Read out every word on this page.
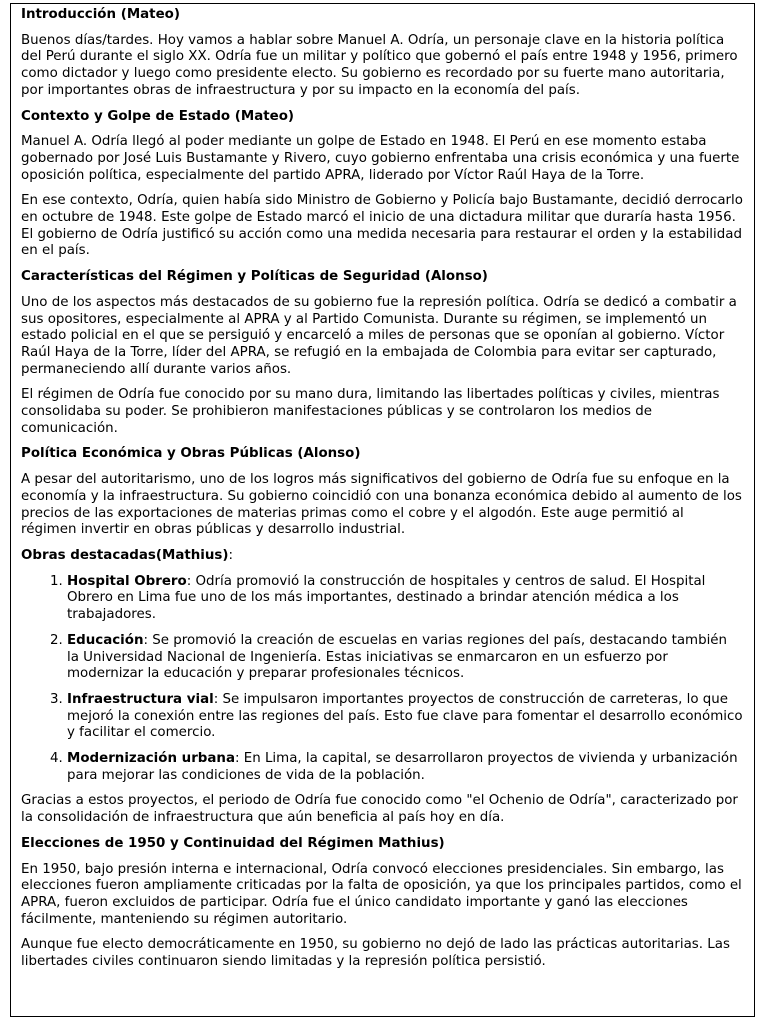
Introducción (Mateo)

Buenos días/tardes. Hoy vamos a hablar sobre Manuel A. Odría, un personaje clave en la historia política del Perú durante el siglo XX. Odría fue un militar y político que gobernó el país entre 1948 y 1956, primero como dictador y luego como presidente electo. Su gobierno es recordado por su fuerte mano autoritaria, por importantes obras de infraestructura y por su impacto en la economía del país.

Contexto y Golpe de Estado (Mateo)

Manuel A. Odría llegó al poder mediante un golpe de Estado en 1948. El Perú en ese momento estaba gobernado por José Luis Bustamante y Rivero, cuyo gobierno enfrentaba una crisis económica y una fuerte oposición política, especialmente del partido APRA, liderado por Víctor Raúl Haya de la Torre.

En ese contexto, Odría, quien había sido Ministro de Gobierno y Policía bajo Bustamante, decidió derrocarlo en octubre de 1948. Este golpe de Estado marcó el inicio de una dictadura militar que duraría hasta 1956. El gobierno de Odría justificó su acción como una medida necesaria para restaurar el orden y la estabilidad en el país.

Características del Régimen y Políticas de Seguridad (Alonso)

Uno de los aspectos más destacados de su gobierno fue la represión política. Odría se dedicó a combatir a sus opositores, especialmente al APRA y al Partido Comunista. Durante su régimen, se implementó un estado policial en el que se persiguió y encarceló a miles de personas que se oponían al gobierno. Víctor Raúl Haya de la Torre, líder del APRA, se refugió en la embajada de Colombia para evitar ser capturado, permaneciendo allí durante varios años.

El régimen de Odría fue conocido por su mano dura, limitando las libertades políticas y civiles, mientras consolidaba su poder. Se prohibieron manifestaciones públicas y se controlaron los medios de comunicación.

Política Económica y Obras Públicas (Alonso)

A pesar del autoritarismo, uno de los logros más significativos del gobierno de Odría fue su enfoque en la economía y la infraestructura. Su gobierno coincidió con una bonanza económica debido al aumento de los precios de las exportaciones de materias primas como el cobre y el algodón. Este auge permitió al régimen invertir en obras públicas y desarrollo industrial.

Obras destacadas(Mathius):

1. Hospital Obrero: Odría promovió la construcción de hospitales y centros de salud. El Hospital Obrero en Lima fue uno de los más importantes, destinado a brindar atención médica a los trabajadores.
2. Educación: Se promovió la creación de escuelas en varias regiones del país, destacando también la Universidad Nacional de Ingeniería. Estas iniciativas se enmarcaron en un esfuerzo por modernizar la educación y preparar profesionales técnicos.
3. Infraestructura vial: Se impulsaron importantes proyectos de construcción de carreteras, lo que mejoró la conexión entre las regiones del país. Esto fue clave para fomentar el desarrollo económico y facilitar el comercio.
4. Modernización urbana: En Lima, la capital, se desarrollaron proyectos de vivienda y urbanización para mejorar las condiciones de vida de la población.

Gracias a estos proyectos, el periodo de Odría fue conocido como "el Ochenio de Odría", caracterizado por la consolidación de infraestructura que aún beneficia al país hoy en día.

Elecciones de 1950 y Continuidad del Régimen Mathius)

En 1950, bajo presión interna e internacional, Odría convocó elecciones presidenciales. Sin embargo, las elecciones fueron ampliamente criticadas por la falta de oposición, ya que los principales partidos, como el APRA, fueron excluidos de participar. Odría fue el único candidato importante y ganó las elecciones fácilmente, manteniendo su régimen autoritario.

Aunque fue electo democráticamente en 1950, su gobierno no dejó de lado las prácticas autoritarias. Las libertades civiles continuaron siendo limitadas y la represión política persistió.
